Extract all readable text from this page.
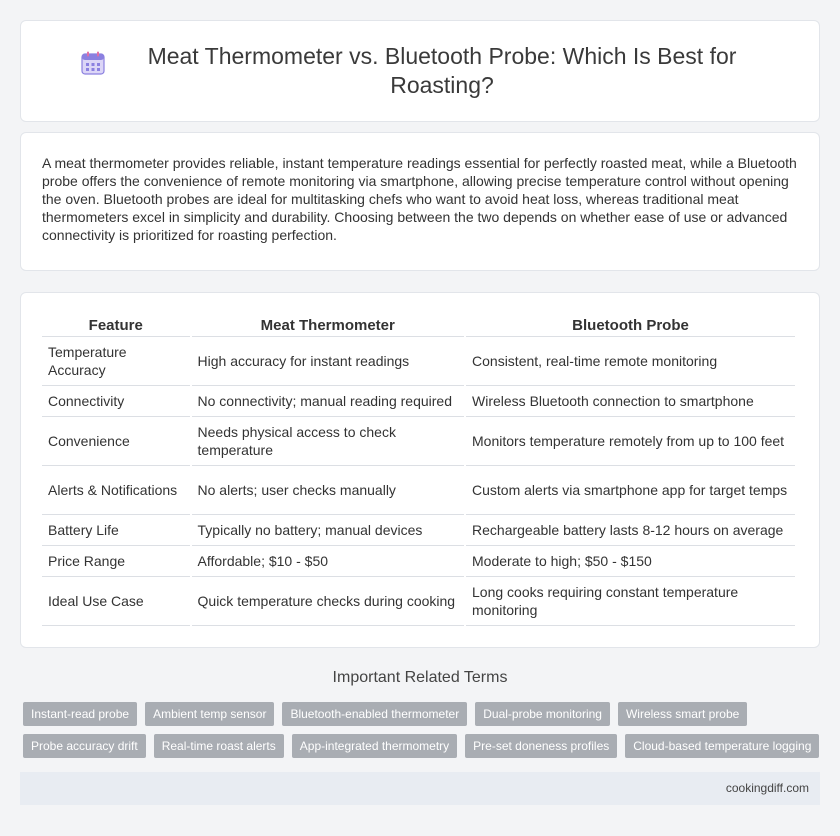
Meat Thermometer vs. Bluetooth Probe: Which Is Best for Roasting?

A meat thermometer provides reliable, instant temperature readings essential for perfectly roasted meat, while a Bluetooth probe offers the convenience of remote monitoring via smartphone, allowing precise temperature control without opening the oven. Bluetooth probes are ideal for multitasking chefs who want to avoid heat loss, whereas traditional meat thermometers excel in simplicity and durability. Choosing between the two depends on whether ease of use or advanced connectivity is prioritized for roasting perfection.

Feature	Meat Thermometer	Bluetooth Probe
Temperature Accuracy	High accuracy for instant readings	Consistent, real-time remote monitoring
Connectivity	No connectivity; manual reading required	Wireless Bluetooth connection to smartphone
Convenience	Needs physical access to check temperature	Monitors temperature remotely from up to 100 feet
Alerts & Notifications	No alerts; user checks manually	Custom alerts via smartphone app for target temps
Battery Life	Typically no battery; manual devices	Rechargeable battery lasts 8-12 hours on average
Price Range	Affordable; $10 - $50	Moderate to high; $50 - $150
Ideal Use Case	Quick temperature checks during cooking	Long cooks requiring constant temperature monitoring
Important Related Terms
Instant-read probe	Ambient temp sensor	Bluetooth-enabled thermometer	Dual-probe monitoring	Wireless smart probe
Probe accuracy drift	Real-time roast alerts	App-integrated thermometry	Pre-set doneness profiles	Cloud-based temperature logging
cookingdiff.com
